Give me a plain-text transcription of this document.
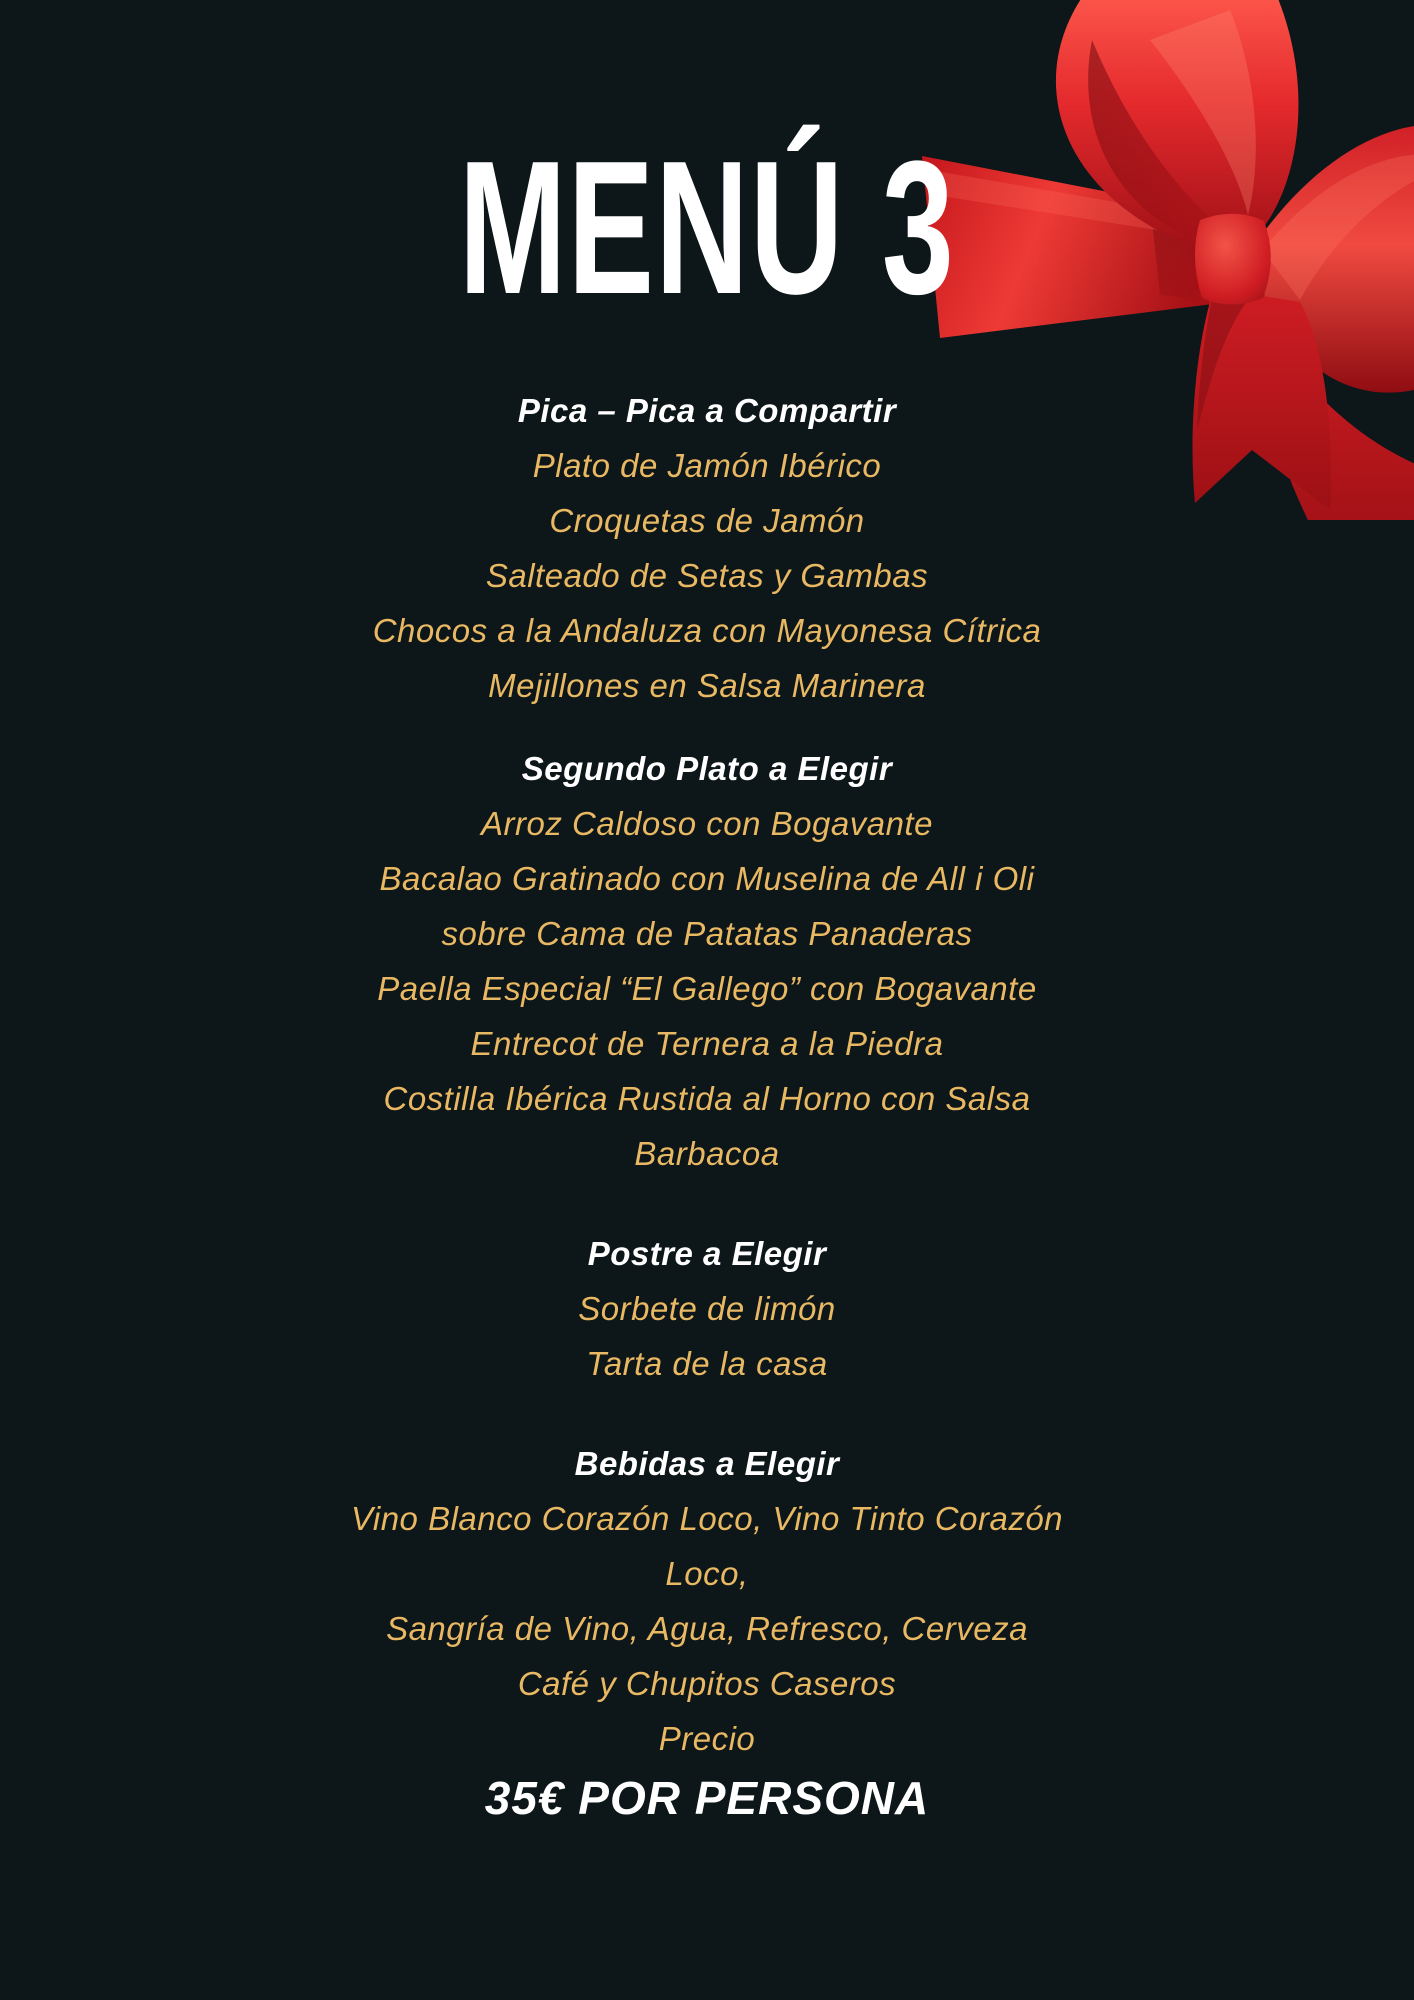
MENÚ 3
Pica – Pica a Compartir

Plato de Jamón Ibérico

Croquetas de Jamón

Salteado de Setas y Gambas

Chocos a la Andaluza con Mayonesa Cítrica

Mejillones en Salsa Marinera

Segundo Plato a Elegir

Arroz Caldoso con Bogavante

Bacalao Gratinado con Muselina de All i Oli

sobre Cama de Patatas Panaderas

Paella Especial “El Gallego” con Bogavante

Entrecot de Ternera a la Piedra

Costilla Ibérica Rustida al Horno con Salsa

Barbacoa

Postre a Elegir

Sorbete de limón

Tarta de la casa

Bebidas a Elegir

Vino Blanco Corazón Loco, Vino Tinto Corazón

Loco,

Sangría de Vino, Agua, Refresco, Cerveza

Café y Chupitos Caseros

Precio

35€ POR PERSONA
